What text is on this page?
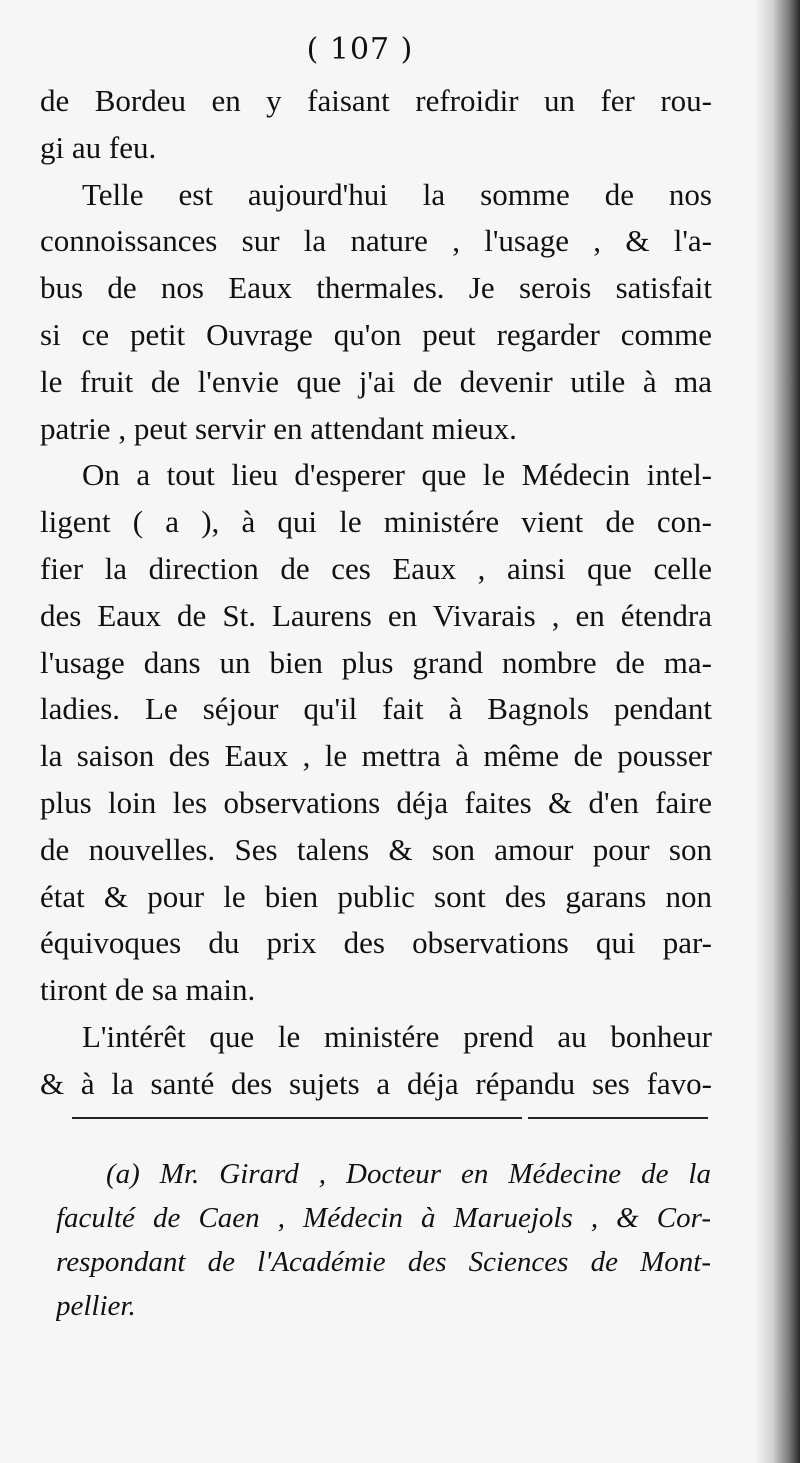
( 107 )
de Bordeu en y faisant refroidir un fer rou-
gi au feu.
Telle est aujourd'hui la somme de nos
connoissances sur la nature , l'usage , & l'a-
bus de nos Eaux thermales. Je serois satisfait
si ce petit Ouvrage qu'on peut regarder comme
le fruit de l'envie que j'ai de devenir utile à ma
patrie , peut servir en attendant mieux.
On a tout lieu d'esperer que le Médecin intel-
ligent ( a ), à qui le ministére vient de con-
fier la direction de ces Eaux , ainsi que celle
des Eaux de St. Laurens en Vivarais , en étendra
l'usage dans un bien plus grand nombre de ma-
ladies. Le séjour qu'il fait à Bagnols pendant
la saison des Eaux , le mettra à même de pousser
plus loin les observations déja faites & d'en faire
de nouvelles. Ses talens & son amour pour son
état & pour le bien public sont des garans non
équivoques du prix des observations qui par-
tiront de sa main.
L'intérêt que le ministére prend au bonheur
& à la santé des sujets a déja répandu ses favo-
(a) Mr. Girard , Docteur en Médecine de la
faculté de Caen , Médecin à Maruejols , & Cor-
respondant de l'Académie des Sciences de Mont-
pellier.
